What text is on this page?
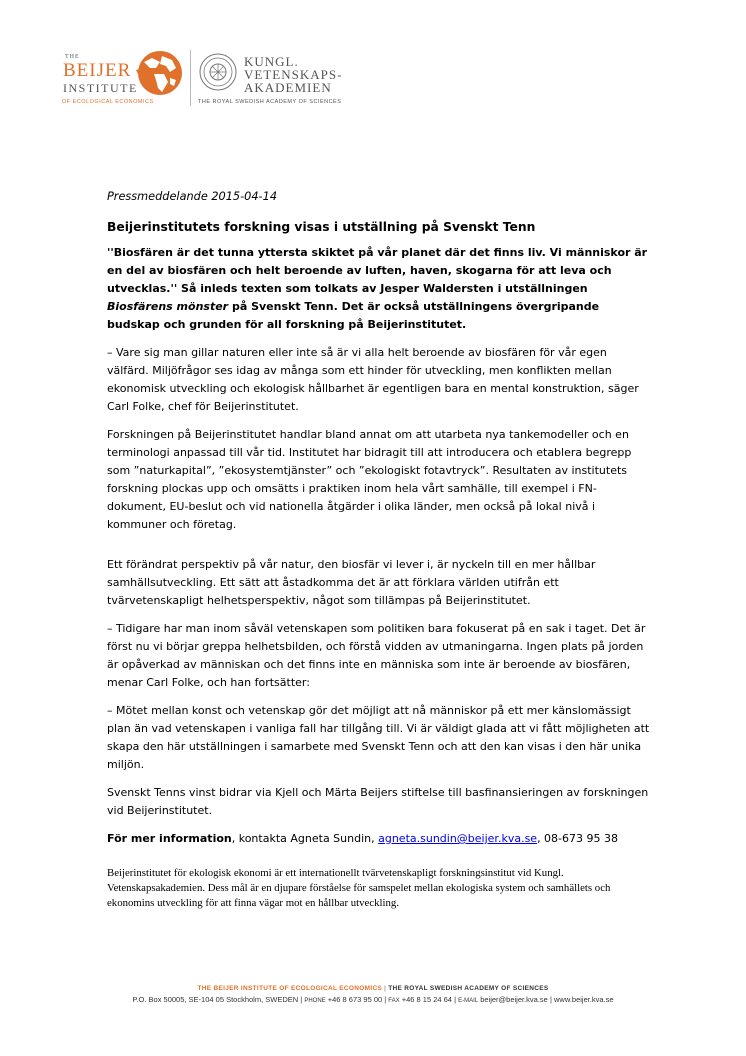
THE
BEIJER
INSTITUTE
OF ECOLOGICAL ECONOMICS
KUNGL.
VETENSKAPS-
AKADEMIEN
THE ROYAL SWEDISH ACADEMY OF SCIENCES

Pressmeddelande 2015-04-14

Beijerinstitutets forskning visas i utställning på Svenskt Tenn

''Biosfären är det tunna yttersta skiktet på vår planet där det finns liv. Vi människor är en del av biosfären och helt beroende av luften, haven, skogarna för att leva och utvecklas.'' Så inleds texten som tolkats av Jesper Waldersten i utställningen Biosfärens mönster på Svenskt Tenn. Det är också utställningens övergripande budskap och grunden för all forskning på Beijerinstitutet.

– Vare sig man gillar naturen eller inte så är vi alla helt beroende av biosfären för vår egen välfärd. Miljöfrågor ses idag av många som ett hinder för utveckling, men konflikten mellan ekonomisk utveckling och ekologisk hållbarhet är egentligen bara en mental konstruktion, säger Carl Folke, chef för Beijerinstitutet.

Forskningen på Beijerinstitutet handlar bland annat om att utarbeta nya tankemodeller och en terminologi anpassad till vår tid. Institutet har bidragit till att introducera och etablera begrepp som ”naturkapital”, ”ekosystemtjänster” och ”ekologiskt fotavtryck”. Resultaten av institutets forskning plockas upp och omsätts i praktiken inom hela vårt samhälle, till exempel i FN-dokument, EU-beslut och vid nationella åtgärder i olika länder, men också på lokal nivå i kommuner och företag.

Ett förändrat perspektiv på vår natur, den biosfär vi lever i, är nyckeln till en mer hållbar samhällsutveckling. Ett sätt att åstadkomma det är att förklara världen utifrån ett tvärvetenskapligt helhetsperspektiv, något som tillämpas på Beijerinstitutet.

– Tidigare har man inom såväl vetenskapen som politiken bara fokuserat på en sak i taget. Det är först nu vi börjar greppa helhetsbilden, och förstå vidden av utmaningarna. Ingen plats på jorden är opåverkad av människan och det finns inte en människa som inte är beroende av biosfären, menar Carl Folke, och han fortsätter:

– Mötet mellan konst och vetenskap gör det möjligt att nå människor på ett mer känslomässigt plan än vad vetenskapen i vanliga fall har tillgång till. Vi är väldigt glada att vi fått möjligheten att skapa den här utställningen i samarbete med Svenskt Tenn och att den kan visas i den här unika miljön.

Svenskt Tenns vinst bidrar via Kjell och Märta Beijers stiftelse till basfinansieringen av forskningen vid Beijerinstitutet.

För mer information, kontakta Agneta Sundin, agneta.sundin@beijer.kva.se, 08-673 95 38

Beijerinstitutet för ekologisk ekonomi är ett internationellt tvärvetenskapligt forskningsinstitut vid Kungl. Vetenskapsakademien. Dess mål är en djupare förståelse för samspelet mellan ekologiska system och samhällets och ekonomins utveckling för att finna vägar mot en hållbar utveckling.

THE BEIJER INSTITUTE OF ECOLOGICAL ECONOMICS | THE ROYAL SWEDISH ACADEMY OF SCIENCES
P.O. Box 50005, SE-104 05 Stockholm, SWEDEN | PHONE +46 8 673 95 00 | FAX +46 8 15 24 64 | E-MAIL beijer@beijer.kva.se | www.beijer.kva.se
